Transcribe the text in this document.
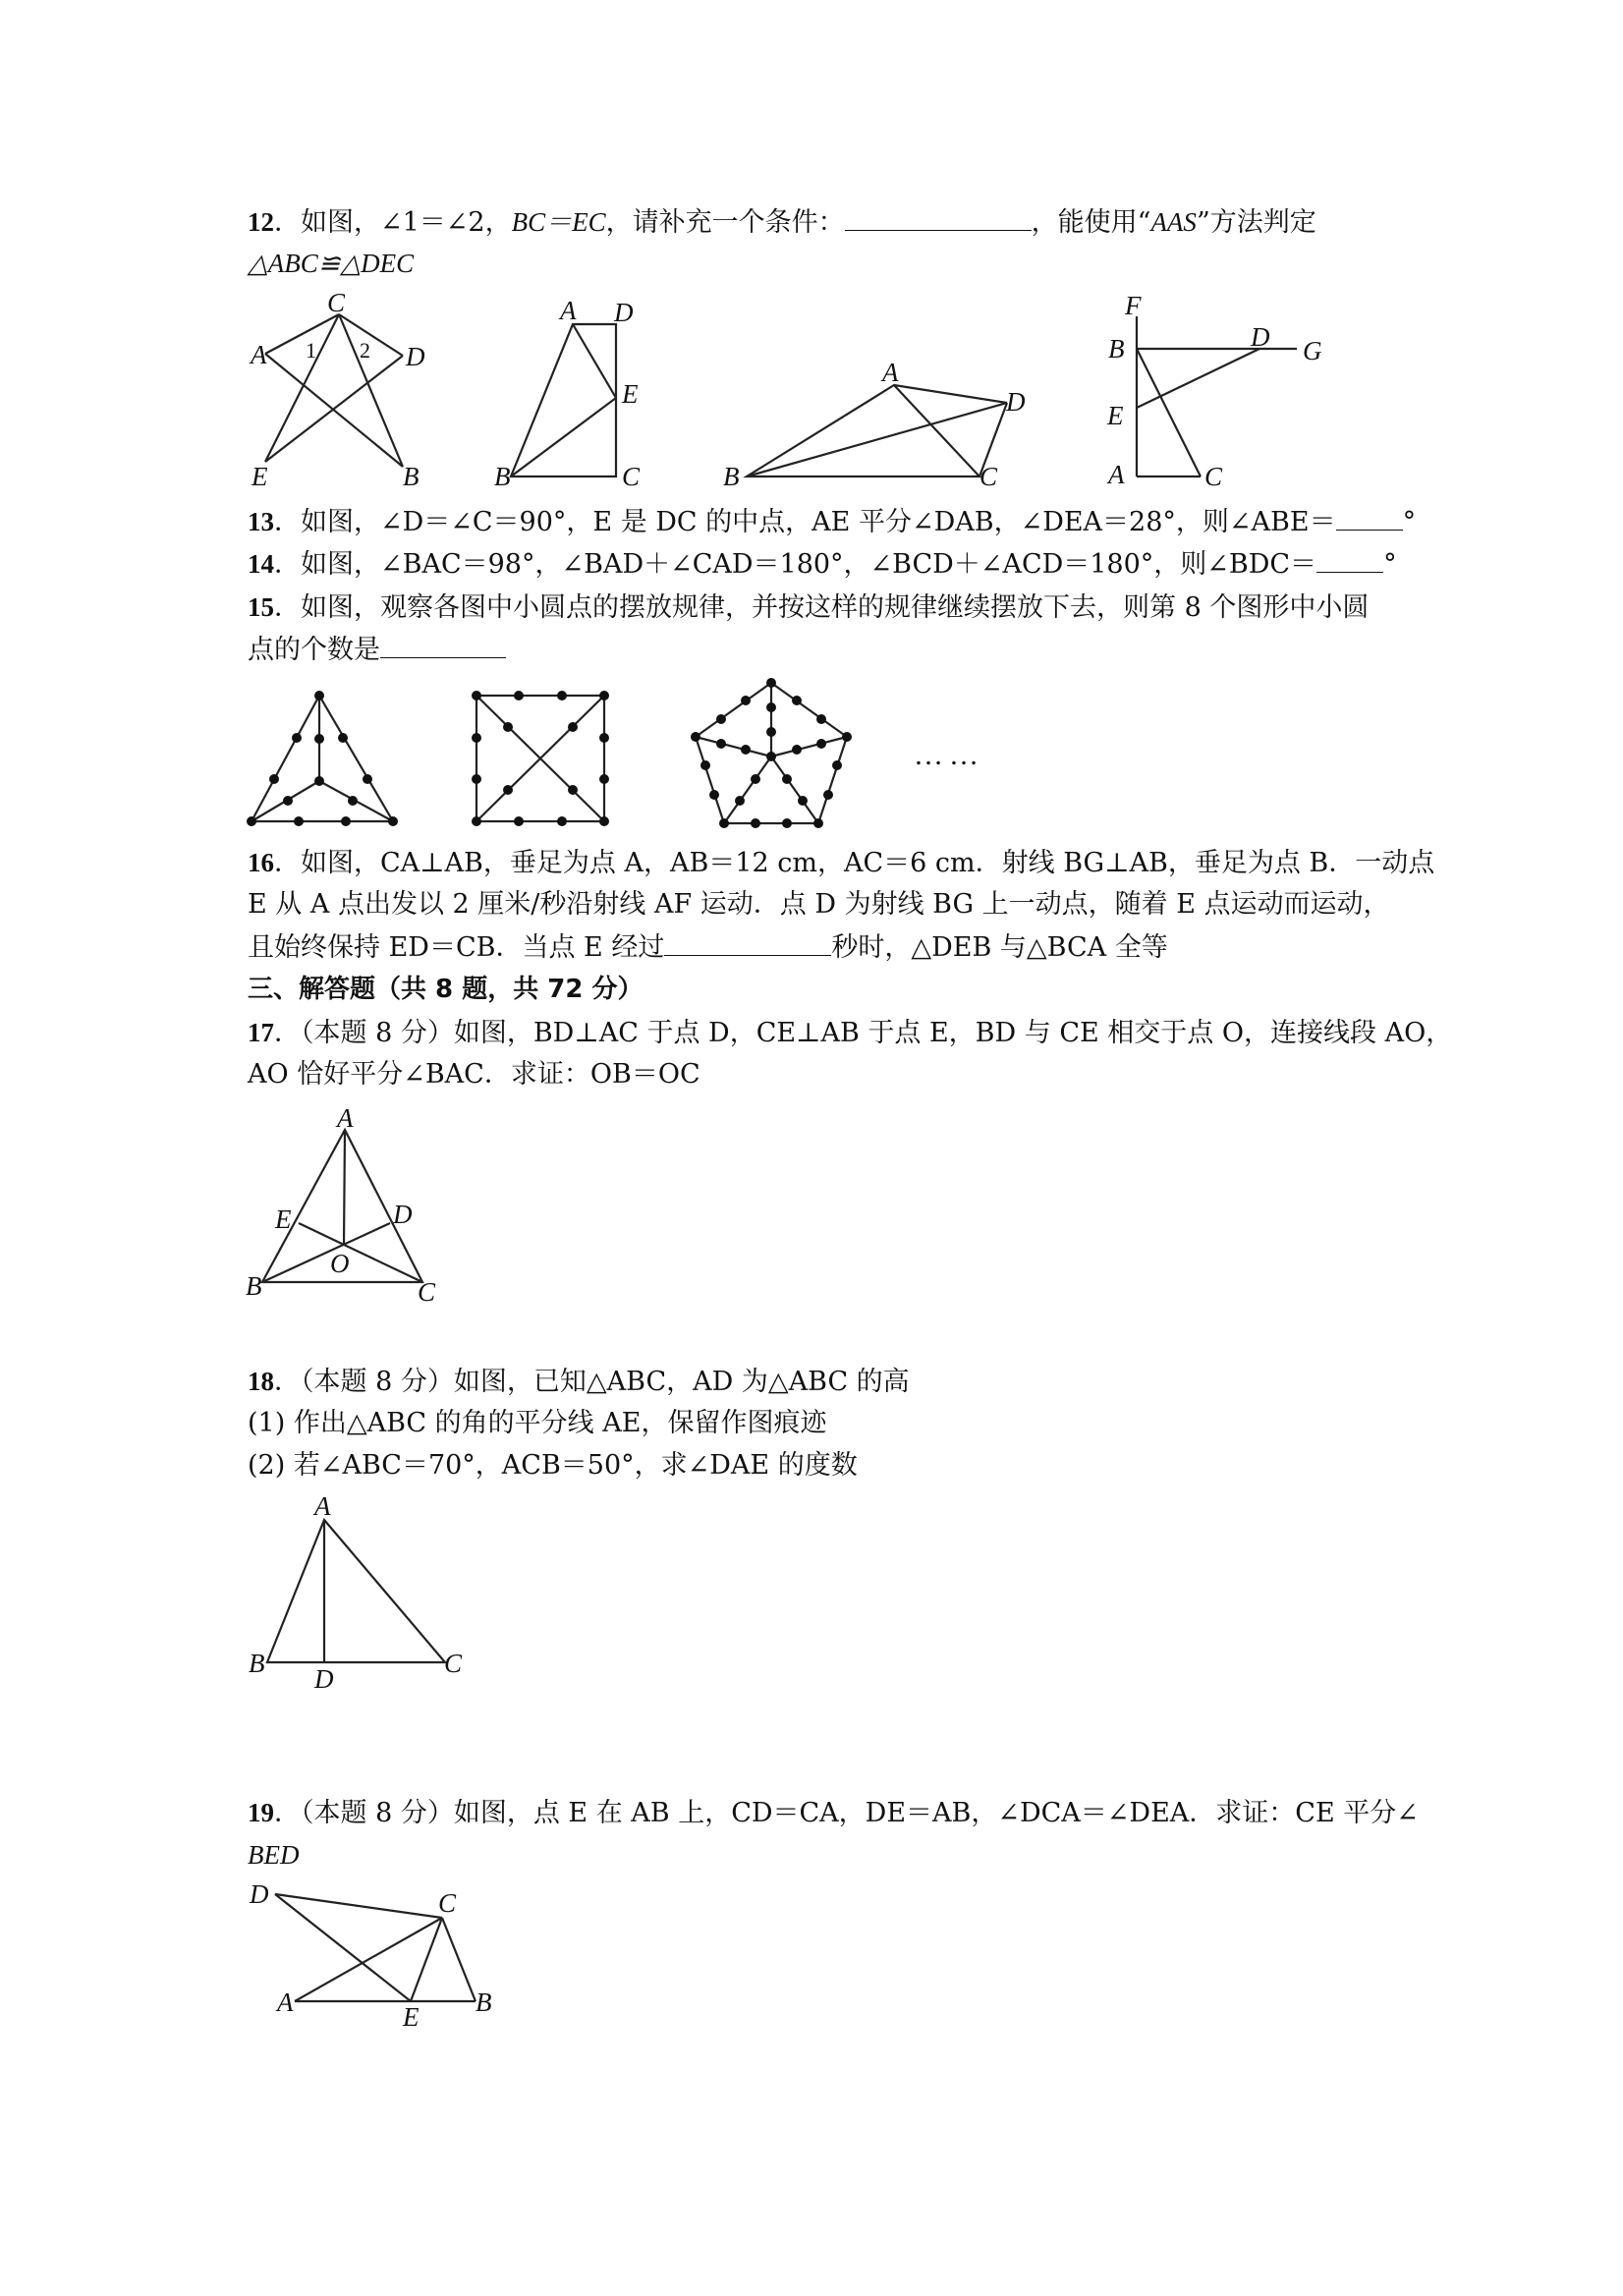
12．如图，∠1＝∠2，BC＝EC，请补充一个条件：	，能使用“AAS”方法判定
△ABC≌△DEC
C
A 1 2 D
E	B
A D
E
B	C
A
D
B	C
F
B	D G
E
A	C
13．如图，∠D＝∠C＝90°，E 是 DC 的中点，AE 平分∠DAB，∠DEA＝28°，则∠ABE＝	°
14．如图，∠BAC＝98°，∠BAD＋∠CAD＝180°，∠BCD＋∠ACD＝180°，则∠BDC＝	°
15．如图，观察各图中小圆点的摆放规律，并按这样的规律继续摆放下去，则第 8 个图形中小圆
点的个数是
……
16．如图，CA⊥AB，垂足为点 A，AB＝12 cm，AC＝6 cm．射线 BG⊥AB，垂足为点 B．一动点
E 从 A 点出发以 2 厘米/秒沿射线 AF 运动．点 D 为射线 BG 上一动点，随着 E 点运动而运动，
且始终保持 ED＝CB．当点 E 经过	秒时，△DEB 与△BCA 全等
三、解答题（共 8 题，共 72 分）
17．（本题 8 分）如图，BD⊥AC 于点 D，CE⊥AB 于点 E，BD 与 CE 相交于点 O，连接线段 AO，
AO 恰好平分∠BAC．求证：OB＝OC
A
E	D
O
B	C
18．（本题 8 分）如图，已知△ABC，AD 为△ABC 的高
(1) 作出△ABC 的角的平分线 AE，保留作图痕迹
(2) 若∠ABC＝70°，ACB＝50°，求∠DAE 的度数
A
B
D
C
19．（本题 8 分）如图，点 E 在 AB 上，CD＝CA，DE＝AB，∠DCA＝∠DEA．求证：CE 平分∠
BED
D	C
A	E B
